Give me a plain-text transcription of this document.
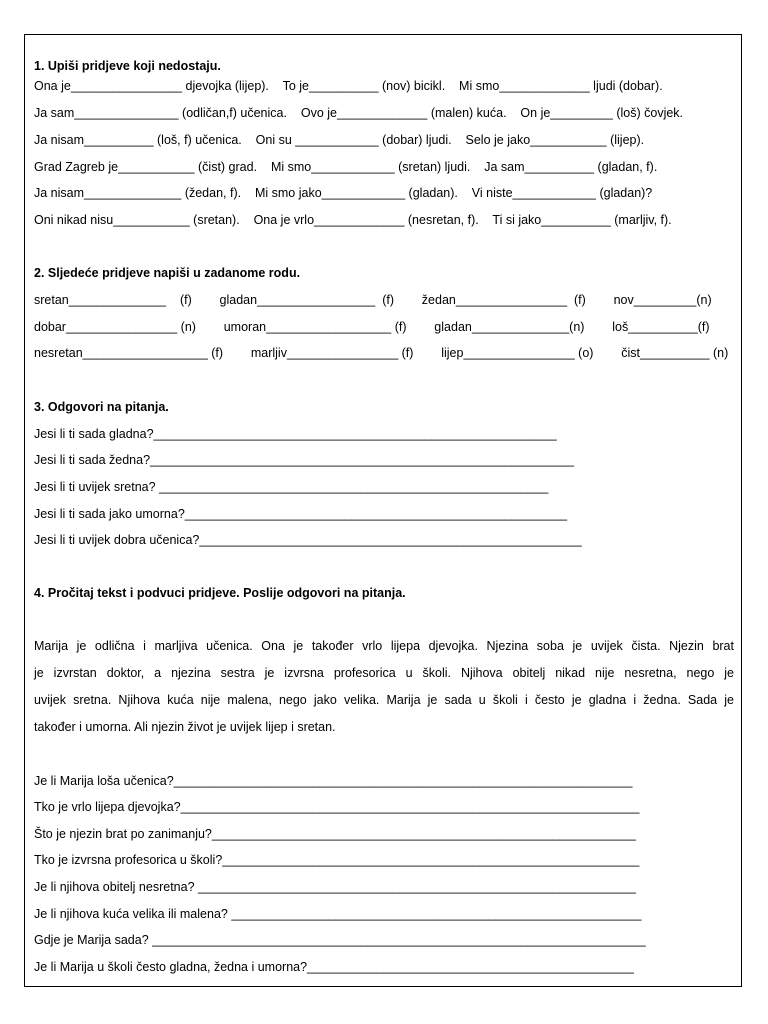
1. Upiši pridjeve koji nedostaju.
Ona je________________ djevojka (lijep).    To je__________ (nov) bicikl.    Mi smo_____________ ljudi (dobar).
Ja sam_______________ (odličan,f) učenica.    Ovo je_____________ (malen) kuća.    On je_________ (loš) čovjek.
Ja nisam__________ (loš, f) učenica.    Oni su ____________ (dobar) ljudi.    Selo je jako___________ (lijep).
Grad Zagreb je___________ (čist) grad.    Mi smo____________ (sretan) ljudi.    Ja sam__________ (gladan, f).
Ja nisam______________ (žedan, f).    Mi smo jako____________ (gladan).    Vi niste____________ (gladan)?
Oni nikad nisu___________ (sretan).    Ona je vrlo_____________ (nesretan, f).    Ti si jako__________ (marljiv, f).
2. Sljedeće pridjeve napiši u zadanome rodu.
sretan______________    (f)        gladan_________________  (f)        žedan________________  (f)        nov_________(n)
dobar________________ (n)        umoran__________________ (f)        gladan______________(n)        loš__________(f)
nesretan__________________ (f)        marljiv________________ (f)        lijep________________ (o)        čist__________ (n)
3. Odgovori na pitanja.
Jesi li ti sada gladna?__________________________________________________________
Jesi li ti sada žedna?_____________________________________________________________
Jesi li ti uvijek sretna? ________________________________________________________
Jesi li ti sada jako umorna?_______________________________________________________
Jesi li ti uvijek dobra učenica?_______________________________________________________
4. Pročitaj tekst i podvuci pridjeve. Poslije odgovori na pitanja.
Marija je odlična i marljiva učenica. Ona je također vrlo lijepa djevojka. Njezina soba je uvijek čista. Njezin brat
je izvrstan doktor, a njezina sestra je izvrsna profesorica u školi. Njihova obitelj nikad nije nesretna, nego je
uvijek sretna. Njihova kuća nije malena, nego jako velika. Marija je sada u školi i često je gladna i žedna. Sada je
također i umorna. Ali njezin život je uvijek lijep i sretan.
Je li Marija loša učenica?__________________________________________________________________
Tko je vrlo lijepa djevojka?__________________________________________________________________
Što je njezin brat po zanimanju?_____________________________________________________________
Tko je izvrsna profesorica u školi?____________________________________________________________
Je li njihova obitelj nesretna? _______________________________________________________________
Je li njihova kuća velika ili malena? ___________________________________________________________
Gdje je Marija sada? _______________________________________________________________________
Je li Marija u školi često gladna, žedna i umorna?_______________________________________________
